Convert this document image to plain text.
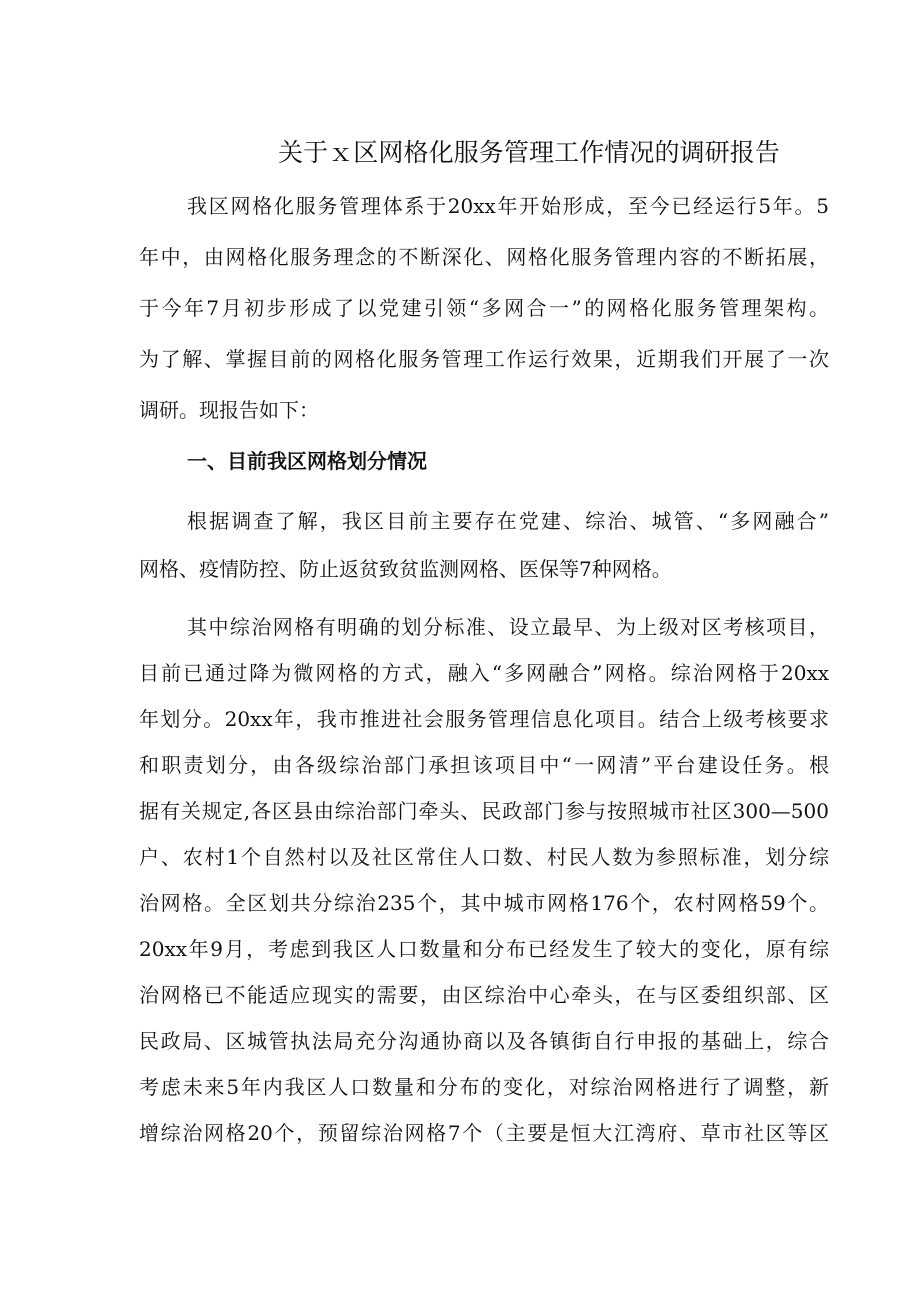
关于ｘ区网格化服务管理工作情况的调研报告
我区网格化服务管理体系于20xx年开始形成，至今已经运行5年。5
年中，由网格化服务理念的不断深化、网格化服务管理内容的不断拓展，
于今年7月初步形成了以党建引领“多网合一”的网格化服务管理架构。
为了解、掌握目前的网格化服务管理工作运行效果，近期我们开展了一次
调研。现报告如下：
一、目前我区网格划分情况
根据调查了解，我区目前主要存在党建、综治、城管、“多网融合”
网格、疫情防控、防止返贫致贫监测网格、医保等7种网格。
其中综治网格有明确的划分标准、设立最早、为上级对区考核项目，
目前已通过降为微网格的方式，融入“多网融合”网格。综治网格于20xx
年划分。20xx年，我市推进社会服务管理信息化项目。结合上级考核要求
和职责划分，由各级综治部门承担该项目中“一网清”平台建设任务。根
据有关规定,各区县由综治部门牵头、民政部门参与按照城市社区300—500
户、农村1个自然村以及社区常住人口数、村民人数为参照标准，划分综
治网格。全区划共分综治235个，其中城市网格176个，农村网格59个。
20xx年9月，考虑到我区人口数量和分布已经发生了较大的变化，原有综
治网格已不能适应现实的需要，由区综治中心牵头，在与区委组织部、区
民政局、区城管执法局充分沟通协商以及各镇街自行申报的基础上，综合
考虑未来5年内我区人口数量和分布的变化，对综治网格进行了调整，新
增综治网格20个，预留综治网格7个（主要是恒大江湾府、草市社区等区
